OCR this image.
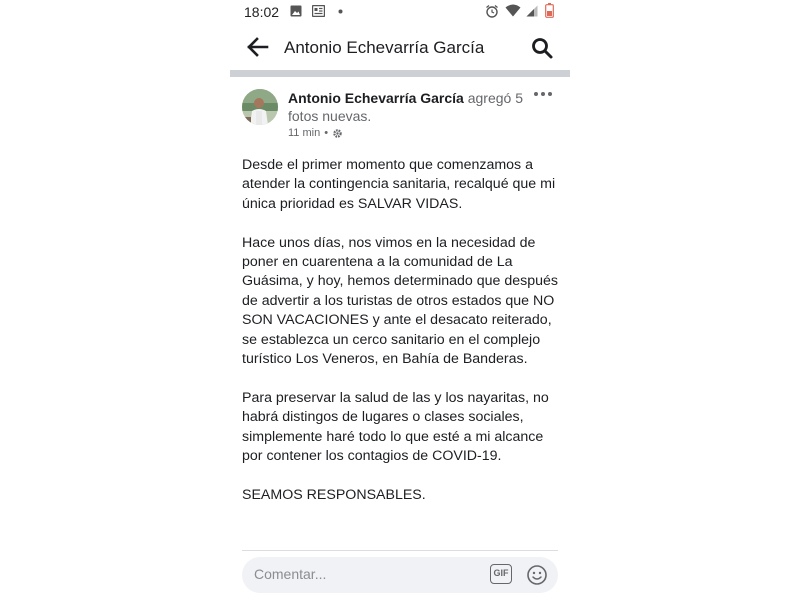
18:02
Antonio Echevarría García
Antonio Echevarría García agregó 5 fotos nuevas.
11 min •

Desde el primer momento que comenzamos a atender la contingencia sanitaria, recalqué que mi única prioridad es SALVAR VIDAS.

Hace unos días, nos vimos en la necesidad de poner en cuarentena a la comunidad de La Guásima, y hoy, hemos determinado que después de advertir a los turistas de otros estados que NO SON VACACIONES y ante el desacato reiterado, se establezca un cerco sanitario en el complejo turístico Los Veneros, en Bahía de Banderas.

Para preservar la salud de las y los nayaritas, no habrá distingos de lugares o clases sociales, simplemente haré todo lo que esté a mi alcance por contener los contagios de COVID-19.

SEAMOS RESPONSABLES.

Comentar...	GIF
